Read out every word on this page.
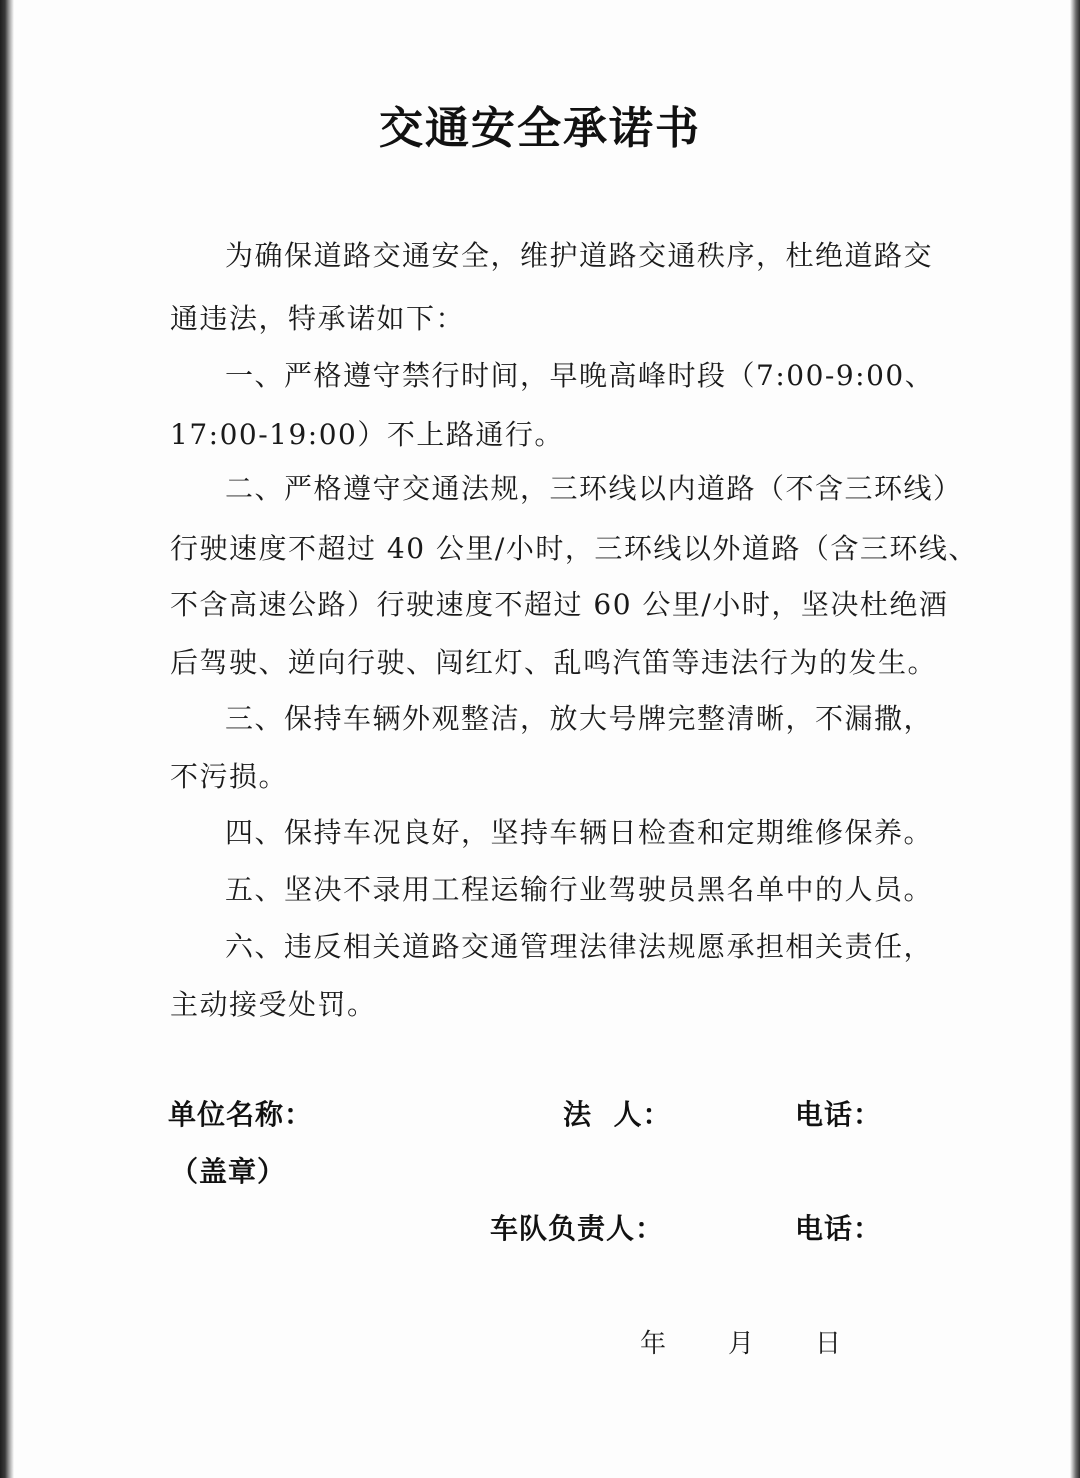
交通安全承诺书
为确保道路交通安全，维护道路交通秩序，杜绝道路交
通违法，特承诺如下：
一、严格遵守禁行时间，早晚高峰时段（7:00-9:00、
17:00-19:00）不上路通行。
二、严格遵守交通法规，三环线以内道路（不含三环线）
行驶速度不超过 40 公里/小时，三环线以外道路（含三环线、
不含高速公路）行驶速度不超过 60 公里/小时，坚决杜绝酒
后驾驶、逆向行驶、闯红灯、乱鸣汽笛等违法行为的发生。
三、保持车辆外观整洁，放大号牌完整清晰，不漏撒，
不污损。
四、保持车况良好，坚持车辆日检查和定期维修保养。
五、坚决不录用工程运输行业驾驶员黑名单中的人员。
六、违反相关道路交通管理法律法规愿承担相关责任，
主动接受处罚。
单位名称：	法  人：	电话：
（盖章）
车队负责人：	电话：
年 月 日
